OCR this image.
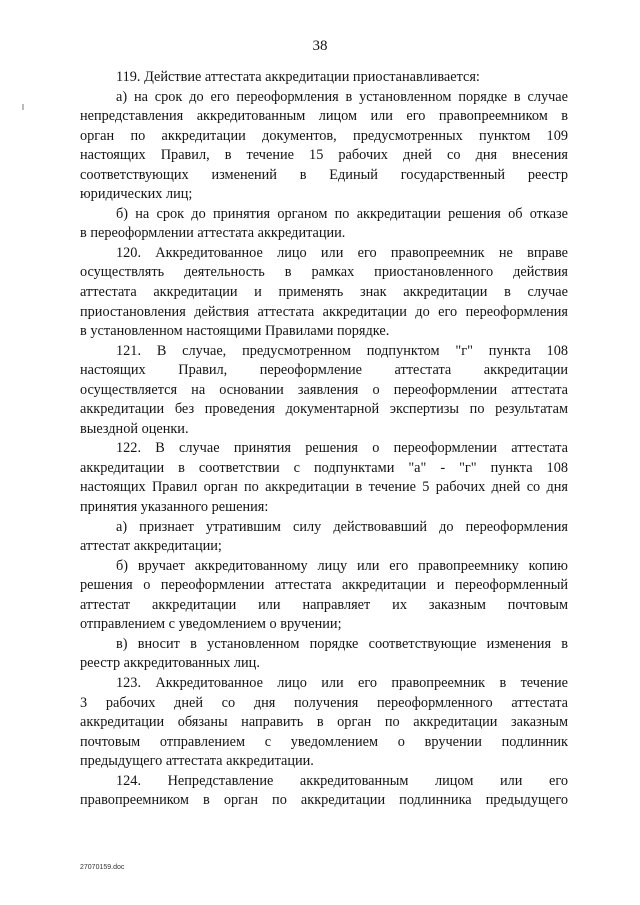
38
119. Действие аттестата аккредитации приостанавливается:
а) на срок до его переоформления в установленном порядке в случае
непредставления аккредитованным лицом или его правопреемником в
орган по аккредитации документов, предусмотренных пунктом 109
настоящих Правил, в течение 15 рабочих дней со дня внесения
соответствующих изменений в Единый государственный реестр
юридических лиц;
б) на срок до принятия органом по аккредитации решения об отказе
в переоформлении аттестата аккредитации.
120. Аккредитованное лицо или его правопреемник не вправе
осуществлять деятельность в рамках приостановленного действия
аттестата аккредитации и применять знак аккредитации в случае
приостановления действия аттестата аккредитации до его переоформления
в установленном настоящими Правилами порядке.
121. В случае, предусмотренном подпунктом "г" пункта 108
настоящих Правил, переоформление аттестата аккредитации
осуществляется на основании заявления о переоформлении аттестата
аккредитации без проведения документарной экспертизы по результатам
выездной оценки.
122. В случае принятия решения о переоформлении аттестата
аккредитации в соответствии с подпунктами "а" - "г" пункта 108
настоящих Правил орган по аккредитации в течение 5 рабочих дней со дня
принятия указанного решения:
а) признает утратившим силу действовавший до переоформления
аттестат аккредитации;
б) вручает аккредитованному лицу или его правопреемнику копию
решения о переоформлении аттестата аккредитации и переоформленный
аттестат аккредитации или направляет их заказным почтовым
отправлением с уведомлением о вручении;
в) вносит в установленном порядке соответствующие изменения в
реестр аккредитованных лиц.
123. Аккредитованное лицо или его правопреемник в течение
3 рабочих дней со дня получения переоформленного аттестата
аккредитации обязаны направить в орган по аккредитации заказным
почтовым отправлением с уведомлением о вручении подлинник
предыдущего аттестата аккредитации.
124. Непредставление аккредитованным лицом или его
правопреемником в орган по аккредитации подлинника предыдущего
27070159.doc
